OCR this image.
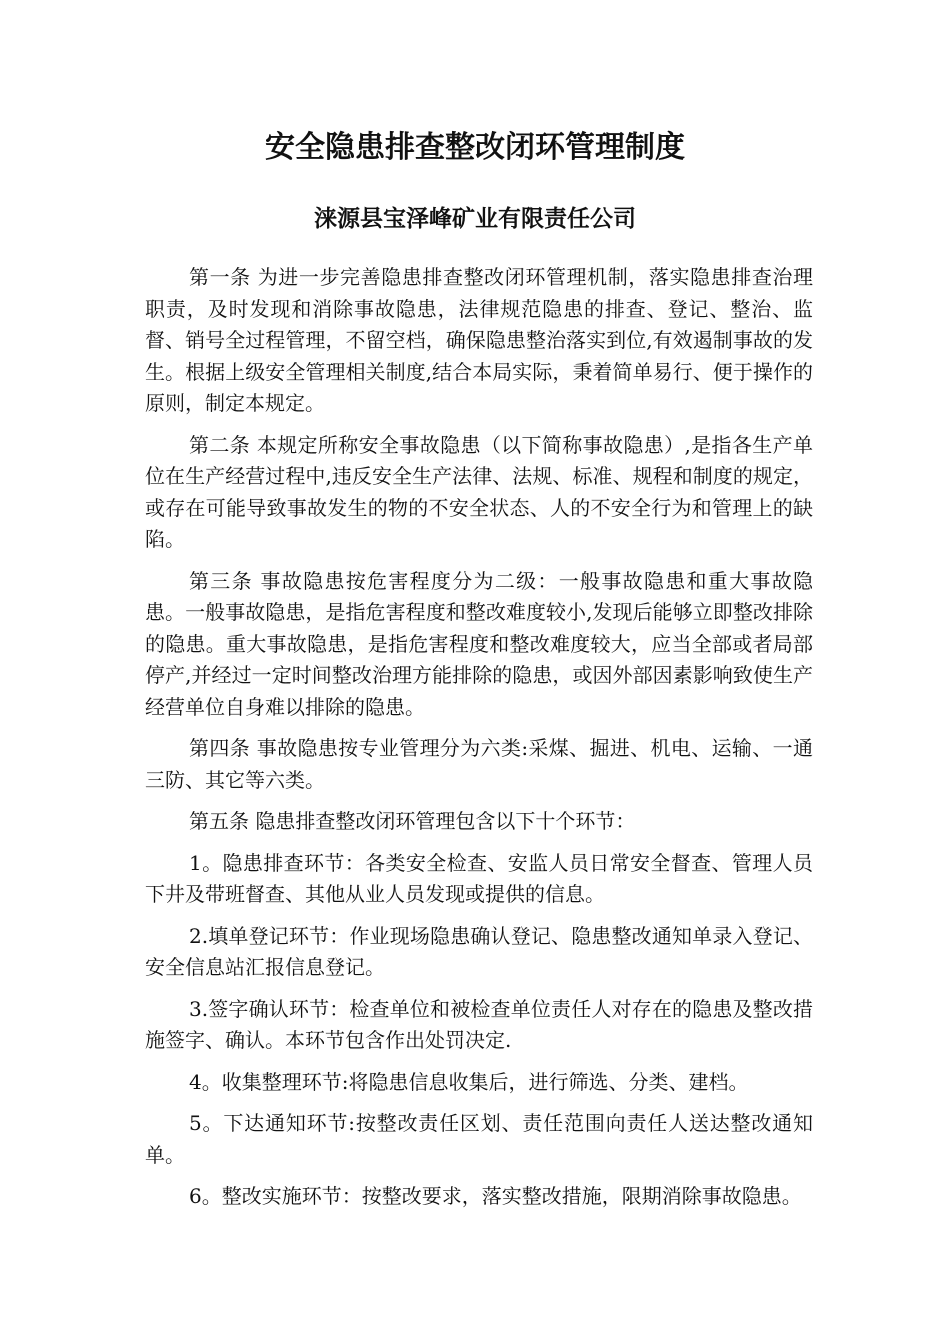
安全隐患排查整改闭环管理制度
涞源县宝泽峰矿业有限责任公司

第一条 为进一步完善隐患排查整改闭环管理机制，落实隐患排查治理职责，及时发现和消除事故隐患，法律规范隐患的排查、登记、整治、监督、销号全过程管理，不留空档，确保隐患整治落实到位,有效遏制事故的发生。根据上级安全管理相关制度,结合本局实际，秉着简单易行、便于操作的原则，制定本规定。

第二条 本规定所称安全事故隐患（以下简称事故隐患）,是指各生产单位在生产经营过程中,违反安全生产法律、法规、标准、规程和制度的规定，或存在可能导致事故发生的物的不安全状态、人的不安全行为和管理上的缺陷。

第三条 事故隐患按危害程度分为二级：一般事故隐患和重大事故隐患。一般事故隐患，是指危害程度和整改难度较小,发现后能够立即整改排除的隐患。重大事故隐患，是指危害程度和整改难度较大，应当全部或者局部停产,并经过一定时间整改治理方能排除的隐患，或因外部因素影响致使生产经营单位自身难以排除的隐患。

第四条 事故隐患按专业管理分为六类:采煤、掘进、机电、运输、一通三防、其它等六类。

第五条 隐患排查整改闭环管理包含以下十个环节：

1。隐患排查环节：各类安全检查、安监人员日常安全督查、管理人员下井及带班督查、其他从业人员发现或提供的信息。

2.填单登记环节：作业现场隐患确认登记、隐患整改通知单录入登记、安全信息站汇报信息登记。

3.签字确认环节：检查单位和被检查单位责任人对存在的隐患及整改措施签字、确认。本环节包含作出处罚决定.

4。收集整理环节:将隐患信息收集后，进行筛选、分类、建档。

5。下达通知环节:按整改责任区划、责任范围向责任人送达整改通知单。

6。整改实施环节：按整改要求，落实整改措施，限期消除事故隐患。
